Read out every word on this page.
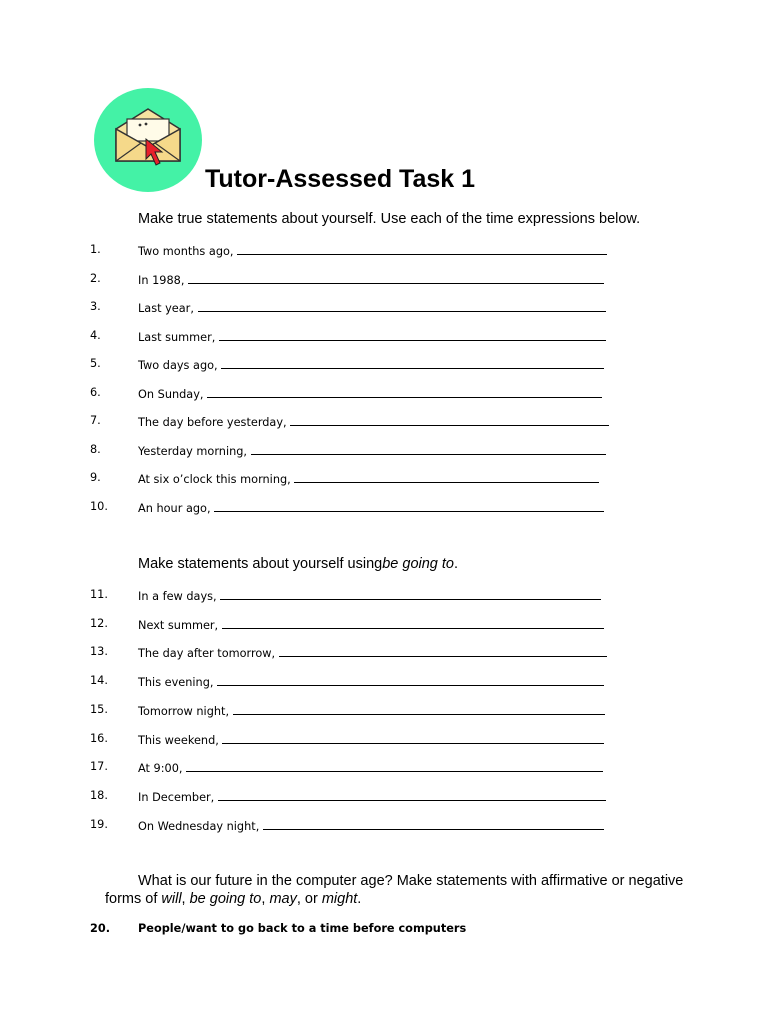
Tutor-Assessed Task 1
Make true statements about yourself. Use each of the time expressions below.
1.	Two months ago,
2.	In 1988,
3.	Last year,
4.	Last summer,
5.	Two days ago,
6.	On Sunday,
7.	The day before yesterday,
8.	Yesterday morning,
9.	At six o’clock this morning,
10.	An hour ago,
Make statements about yourself usingbe going to.
11.	In a few days,
12.	Next summer,
13.	The day after tomorrow,
14.	This evening,
15.	Tomorrow night,
16.	This weekend,
17.	At 9:00,
18.	In December,
19.	On Wednesday night,
What is our future in the computer age? Make statements with affirmative or negative
forms of will, be going to, may, or might.
20. People/want to go back to a time before computers
